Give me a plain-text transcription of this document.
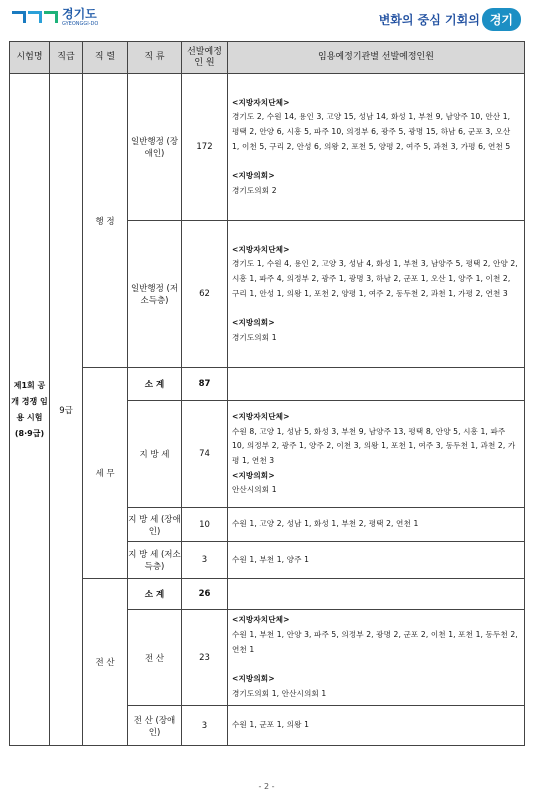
경기도
GYEONGGI-DO	변화의 중심 기회의 경기
시험명	직급	직 렬	직 류	선발예정 인 원	임용예정기관별 선발예정인원
제1회 공개 경쟁 임용 시험 (8·9급)	9급	행 정	일반행정 (장애인)	172	<지방자치단체>
경기도 2, 수원 14, 용인 3, 고양 15, 성남 14, 화성 1, 부천 9, 남양주 10, 안산 1, 평택 2, 안양 6, 시흥 5, 파주 10, 의정부 6, 광주 5, 광명 15, 하남 6, 군포 3, 오산 1, 이천 5, 구리 2, 안성 6, 의왕 2, 포천 5, 양평 2, 여주 5, 과천 3, 가평 6, 연천 5
<지방의회>
경기도의회 2

			일반행정 (저소득층)	62	<지방자치단체>
경기도 1, 수원 4, 용인 2, 고양 3, 성남 4, 화성 1, 부천 3, 남양주 5, 평택 2, 안양 2, 시흥 1, 파주 4, 의정부 2, 광주 1, 광명 3, 하남 2, 군포 1, 오산 1, 양주 1, 이천 2, 구리 1, 안성 1, 의왕 1, 포천 2, 양평 1, 여주 2, 동두천 2, 과천 1, 가평 2, 연천 3
<지방의회>
경기도의회 1

		세 무	소 계	87	
			지 방 세	74	<지방자치단체>
수원 8, 고양 1, 성남 5, 화성 3, 부천 9, 남양주 13, 평택 8, 안양 5, 시흥 1, 파주 10, 의정부 2, 광주 1, 양주 2, 이천 3, 의왕 1, 포천 1, 여주 3, 동두천 1, 과천 2, 가평 1, 연천 3
<지방의회>
안산시의회 1

			지 방 세 (장애인)	10	수원 1, 고양 2, 성남 1, 화성 1, 부천 2, 평택 2, 연천 1
			지 방 세 (저소득층)	3	수원 1, 부천 1, 양주 1
		전 산	소 계	26	
			전 산	23	<지방자치단체>
수원 1, 부천 1, 안양 3, 파주 5, 의정부 2, 광명 2, 군포 2, 이천 1, 포천 1, 동두천 2, 연천 1
<지방의회>
경기도의회 1, 안산시의회 1

			전 산 (장애인)	3	수원 1, 군포 1, 의왕 1
- 2 -
